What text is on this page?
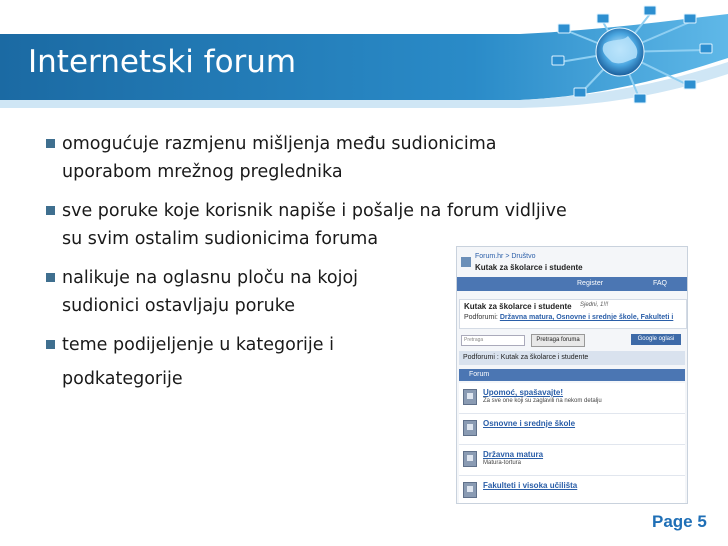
Internetski forum
omogućuje razmjenu mišljenja među sudionicima
uporabom mrežnog preglednika
sve poruke koje korisnik napiše i pošalje na forum vidljive
su svim ostalim sudionicima foruma
nalikuje na oglasnu ploču na kojoj
sudionici ostavljaju poruke
teme podijeljenje u kategorije i
podkategorije
Forum.hr > Društvo
Kutak za školarce i studente
Register	FAQ
Kutak za školarce i studente Sjedni, 1!!!
Podforumi: Državna matura, Osnovne i srednje škole, Fakulteti i
Pretraga	Pretraga foruma	Google oglasi
Podforumi : Kutak za školarce i studente
Forum
Upomoć, spašavajte!
Za sve one koji su zaglavili na nekom detalju
Osnovne i srednje škole
Državna matura
Matura-tortura
Fakulteti i visoka učilišta
Page 5
